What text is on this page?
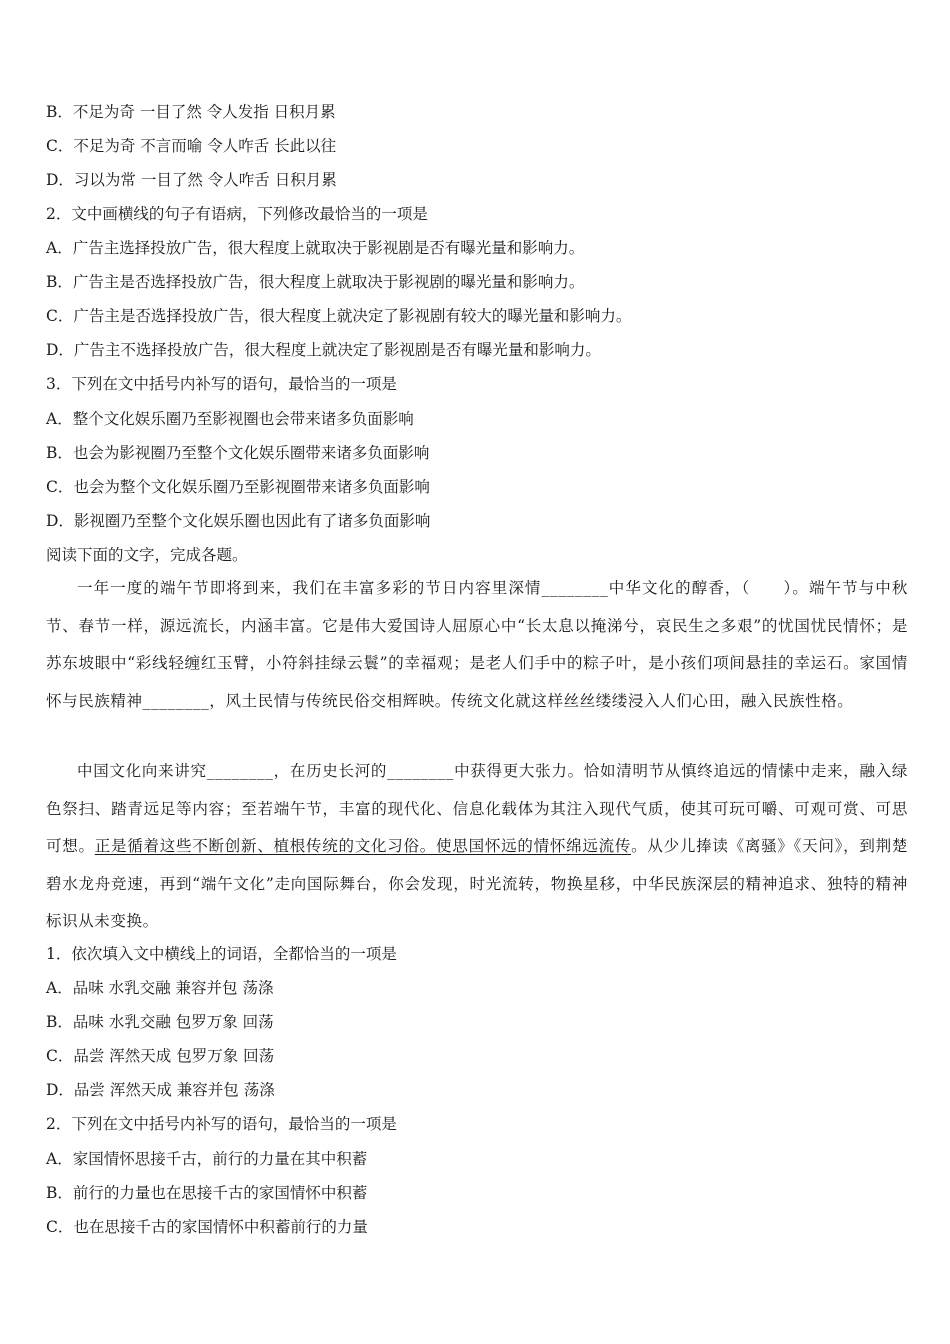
B．不足为奇 一目了然 令人发指 日积月累
C．不足为奇 不言而喻 令人咋舌 长此以往
D．习以为常 一目了然 令人咋舌 日积月累
2．文中画横线的句子有语病，下列修改最恰当的一项是
A．广告主选择投放广告，很大程度上就取决于影视剧是否有曝光量和影响力。
B．广告主是否选择投放广告，很大程度上就取决于影视剧的曝光量和影响力。
C．广告主是否选择投放广告，很大程度上就决定了影视剧有较大的曝光量和影响力。
D．广告主不选择投放广告，很大程度上就决定了影视剧是否有曝光量和影响力。
3．下列在文中括号内补写的语句，最恰当的一项是
A．整个文化娱乐圈乃至影视圈也会带来诸多负面影响
B．也会为影视圈乃至整个文化娱乐圈带来诸多负面影响
C．也会为整个文化娱乐圈乃至影视圈带来诸多负面影响
D．影视圈乃至整个文化娱乐圈也因此有了诸多负面影响
阅读下面的文字，完成各题。
一年一度的端午节即将到来，我们在丰富多彩的节日内容里深情________中华文化的醇香，（　　）。端午节与中秋节、春节一样，源远流长，内涵丰富。它是伟大爱国诗人屈原心中“长太息以掩涕兮，哀民生之多艰”的忧国忧民情怀；是苏东坡眼中“彩线轻缠红玉臂，小符斜挂绿云鬟”的幸福观；是老人们手中的粽子叶，是小孩们项间悬挂的幸运石。家国情怀与民族精神________，风土民情与传统民俗交相辉映。传统文化就这样丝丝缕缕浸入人们心田，融入民族性格。
中国文化向来讲究________，在历史长河的________中获得更大张力。恰如清明节从慎终追远的情愫中走来，融入绿色祭扫、踏青远足等内容；至若端午节，丰富的现代化、信息化载体为其注入现代气质，使其可玩可嚼、可观可赏、可思可想。正是循着这些不断创新、植根传统的文化习俗。使思国怀远的情怀绵远流传。从少儿捧读《离骚》《天问》，到荆楚碧水龙舟竞速，再到“端午文化”走向国际舞台，你会发现，时光流转，物换星移，中华民族深层的精神追求、独特的精神标识从未变换。
1．依次填入文中横线上的词语，全都恰当的一项是
A．品味 水乳交融 兼容并包 荡涤
B．品味 水乳交融 包罗万象 回荡
C．品尝 浑然天成 包罗万象 回荡
D．品尝 浑然天成 兼容并包 荡涤
2．下列在文中括号内补写的语句，最恰当的一项是
A．家国情怀思接千古，前行的力量在其中积蓄
B．前行的力量也在思接千古的家国情怀中积蓄
C．也在思接千古的家国情怀中积蓄前行的力量
